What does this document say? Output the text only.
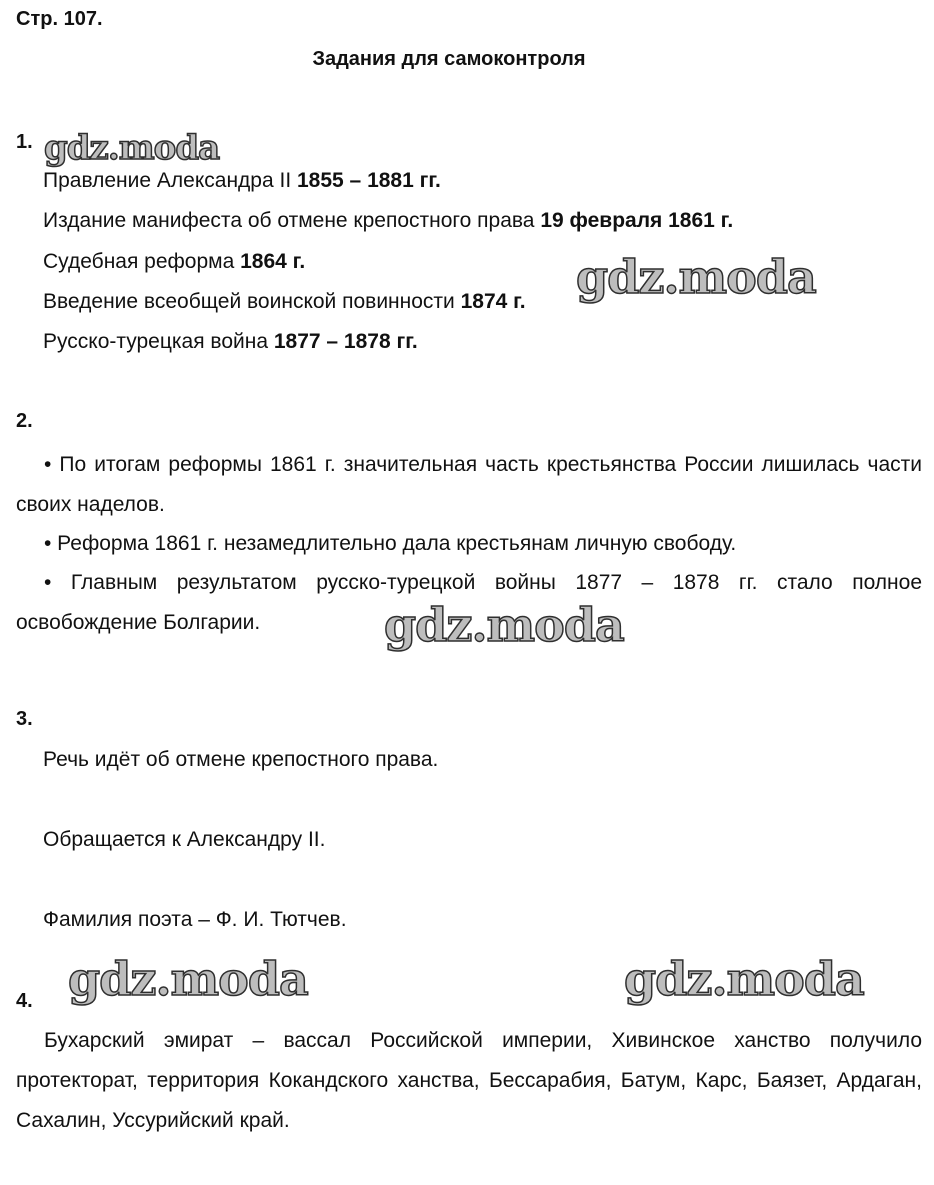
Стр. 107.
Задания для самоконтроля
1.
Правление Александра II 1855 – 1881 гг.
Издание манифеста об отмене крепостного права 19 февраля 1861 г.
Судебная реформа 1864 г.
Введение всеобщей воинской повинности 1874 г.
Русско-турецкая война 1877 – 1878 гг.
2.
• По итогам реформы 1861 г. значительная часть крестьянства России лишилась части своих наделов.
• Реформа 1861 г. незамедлительно дала крестьянам личную свободу.
• Главным результатом русско-турецкой войны 1877 – 1878 гг. стало полное освобождение Болгарии.
3.
Речь идёт об отмене крепостного права.
Обращается к Александру II.
Фамилия поэта – Ф. И. Тютчев.
4.
Бухарский эмират – вассал Российской империи, Хивинское ханство получило протекторат, территория Кокандского ханства, Бессарабия, Батум, Карс, Баязет, Ардаган, Сахалин, Уссурийский край.
gdz.moda
gdz.moda
gdz.moda
gdz.moda	gdz.moda
